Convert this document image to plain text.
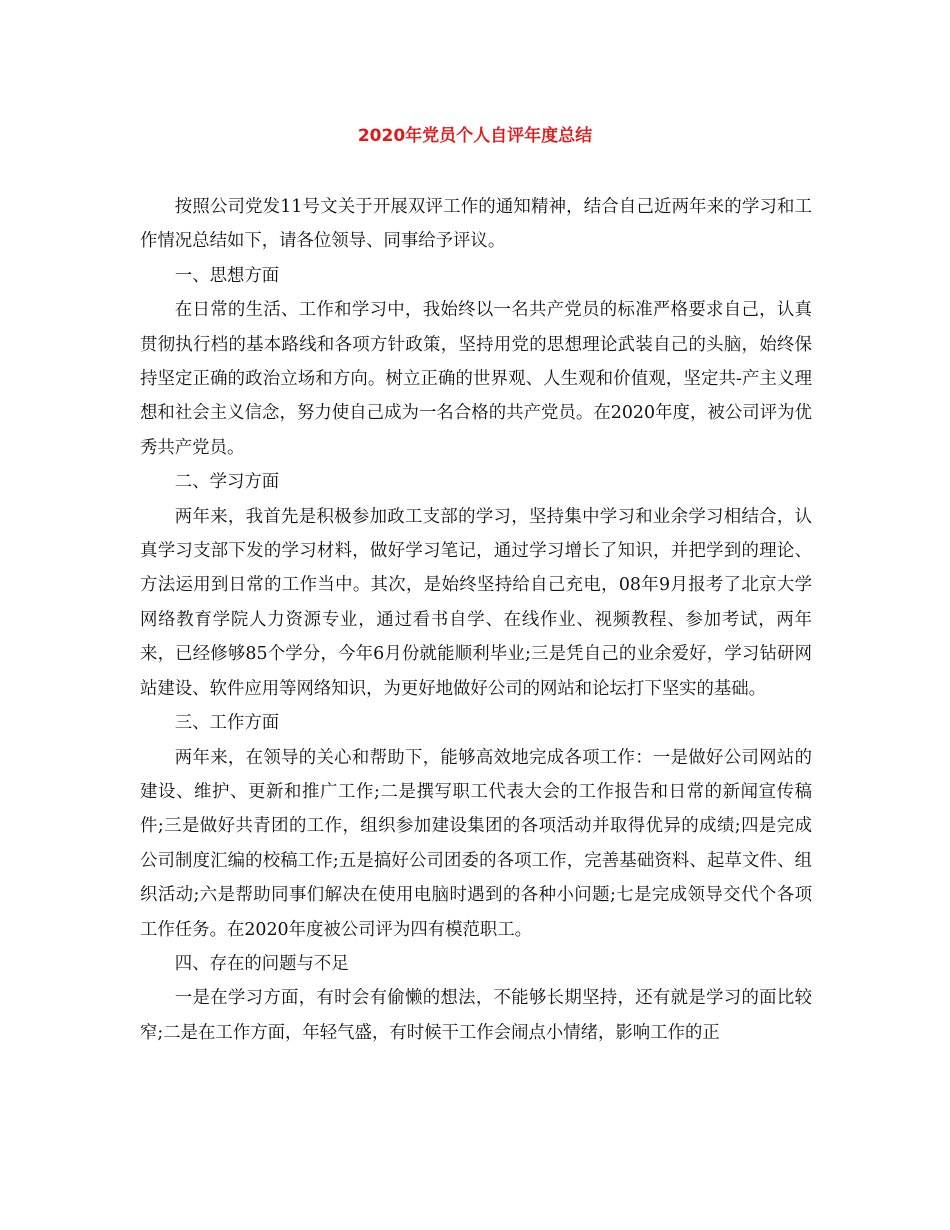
2020年党员个人自评年度总结

按照公司党发11号文关于开展双评工作的通知精神，结合自己近两年来的学习和工作情况总结如下，请各位领导、同事给予评议。

一、思想方面

在日常的生活、工作和学习中，我始终以一名共产党员的标准严格要求自己，认真贯彻执行档的基本路线和各项方针政策，坚持用党的思想理论武装自己的头脑，始终保持坚定正确的政治立场和方向。树立正确的世界观、人生观和价值观，坚定共-产主义理想和社会主义信念，努力使自己成为一名合格的共产党员。在2020年度，被公司评为优秀共产党员。

二、学习方面

两年来，我首先是积极参加政工支部的学习，坚持集中学习和业余学习相结合，认真学习支部下发的学习材料，做好学习笔记，通过学习增长了知识，并把学到的理论、方法运用到日常的工作当中。其次，是始终坚持给自己充电，08年9月报考了北京大学网络教育学院人力资源专业，通过看书自学、在线作业、视频教程、参加考试，两年来，已经修够85个学分，今年6月份就能顺利毕业;三是凭自己的业余爱好，学习钻研网站建设、软件应用等网络知识，为更好地做好公司的网站和论坛打下坚实的基础。

三、工作方面

两年来，在领导的关心和帮助下，能够高效地完成各项工作：一是做好公司网站的建设、维护、更新和推广工作;二是撰写职工代表大会的工作报告和日常的新闻宣传稿件;三是做好共青团的工作，组织参加建设集团的各项活动并取得优异的成绩;四是完成公司制度汇编的校稿工作;五是搞好公司团委的各项工作，完善基础资料、起草文件、组织活动;六是帮助同事们解决在使用电脑时遇到的各种小问题;七是完成领导交代个各项工作任务。在2020年度被公司评为四有模范职工。

四、存在的问题与不足

一是在学习方面，有时会有偷懒的想法，不能够长期坚持，还有就是学习的面比较窄;二是在工作方面，年轻气盛，有时候干工作会闹点小情绪，影响工作的正
